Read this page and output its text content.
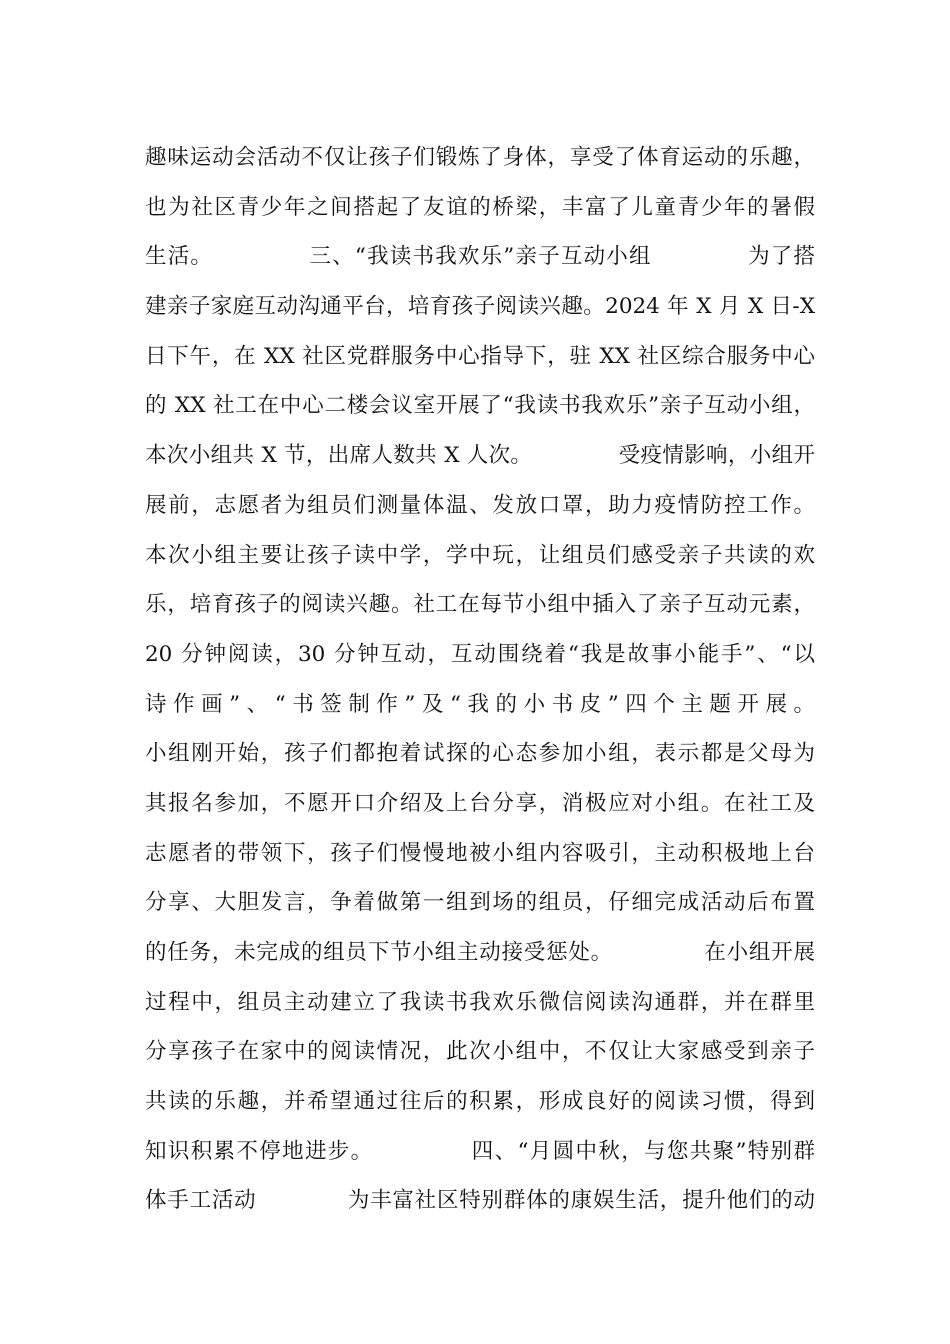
趣味运动会活动不仅让孩子们锻炼了身体，享受了体育运动的乐趣，
也为社区青少年之间搭起了友谊的桥梁，丰富了儿童青少年的暑假
生活。            三、“我读书我欢乐”亲子互动小组            为了搭
建亲子家庭互动沟通平台，培育孩子阅读兴趣。2024 年 X 月 X 日-X
日下午，在 XX 社区党群服务中心指导下，驻 XX 社区综合服务中心
的 XX 社工在中心二楼会议室开展了“我读书我欢乐”亲子互动小组，
本次小组共 X 节，出席人数共 X 人次。            受疫情影响，小组开
展前，志愿者为组员们测量体温、发放口罩，助力疫情防控工作。
本次小组主要让孩子读中学，学中玩，让组员们感受亲子共读的欢
乐，培育孩子的阅读兴趣。社工在每节小组中插入了亲子互动元素，
20 分钟阅读，30 分钟互动，互动围绕着“我是故事小能手”、“以
诗作画”、“书签制作”及“我的小书皮”四个主题开展。
小组刚开始，孩子们都抱着试探的心态参加小组，表示都是父母为
其报名参加，不愿开口介绍及上台分享，消极应对小组。在社工及
志愿者的带领下，孩子们慢慢地被小组内容吸引，主动积极地上台
分享、大胆发言，争着做第一组到场的组员，仔细完成活动后布置
的任务，未完成的组员下节小组主动接受惩处。            在小组开展
过程中，组员主动建立了我读书我欢乐微信阅读沟通群，并在群里
分享孩子在家中的阅读情况，此次小组中，不仅让大家感受到亲子
共读的乐趣，并希望通过往后的积累，形成良好的阅读习惯，得到
知识积累不停地进步。            四、“月圆中秋，与您共聚”特别群
体手工活动            为丰富社区特别群体的康娱生活，提升他们的动
